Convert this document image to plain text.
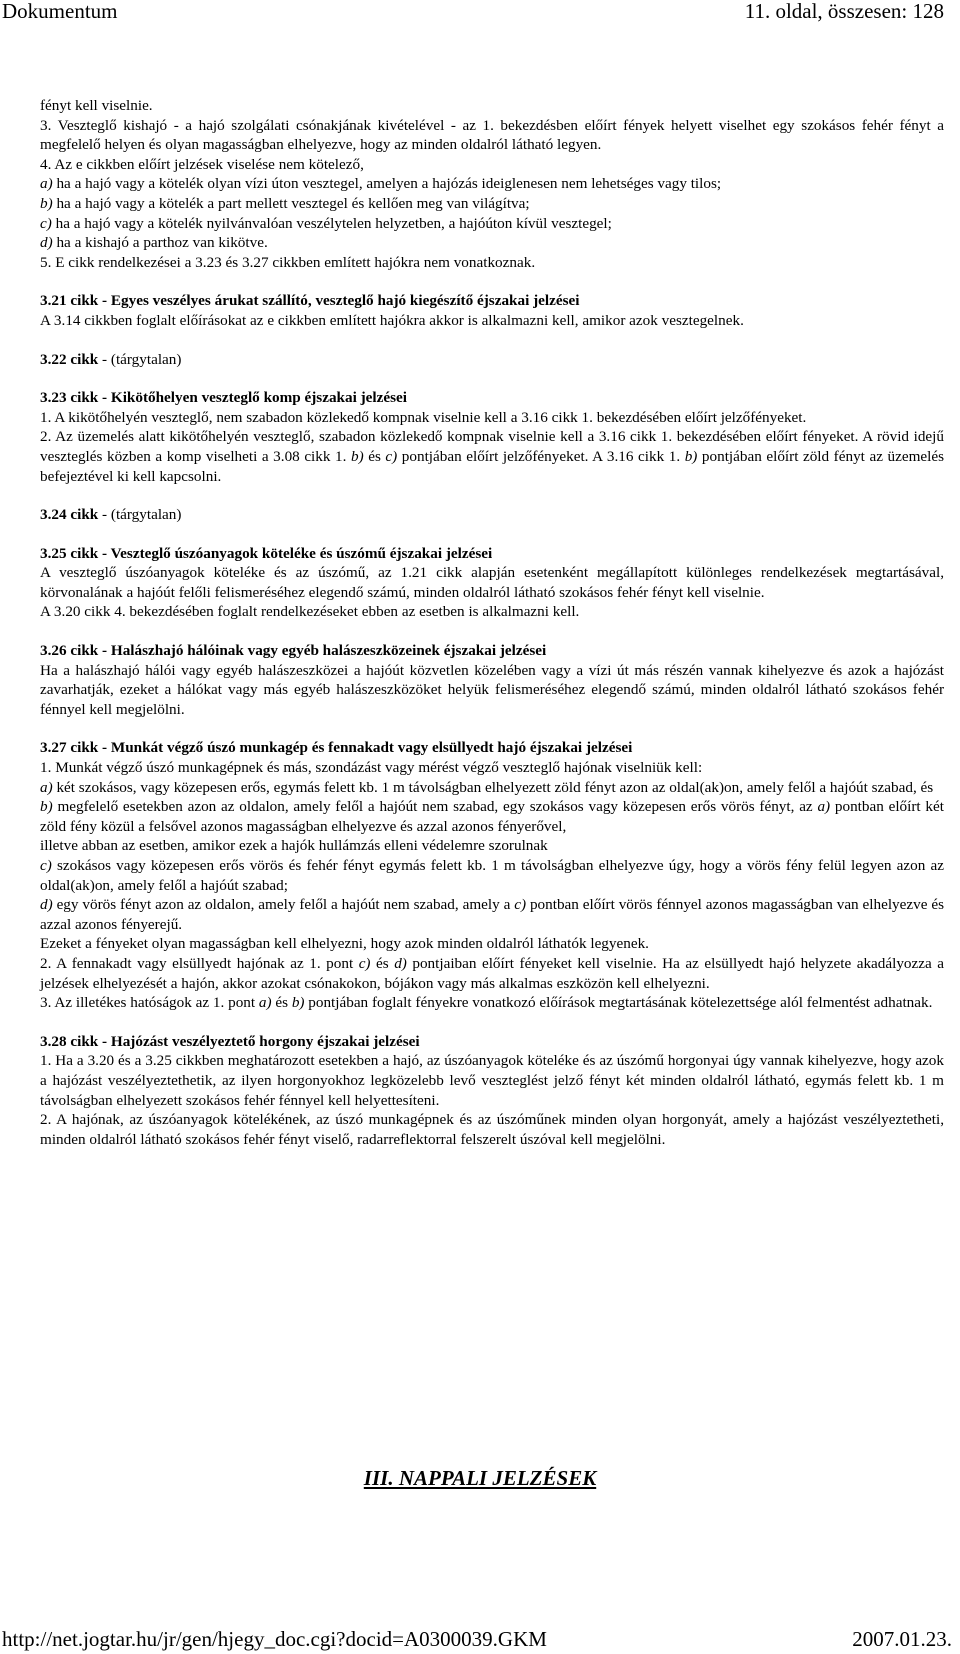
Dokumentum	11. oldal, összesen: 128

fényt kell viselnie.

3. Veszteglő kishajó - a hajó szolgálati csónakjának kivételével - az 1. bekezdésben előírt fények helyett viselhet egy szokásos fehér fényt a megfelelő helyen és olyan magasságban elhelyezve, hogy az minden oldalról látható legyen.

4. Az e cikkben előírt jelzések viselése nem kötelező,

a) ha a hajó vagy a kötelék olyan vízi úton vesztegel, amelyen a hajózás ideiglenesen nem lehetséges vagy tilos;

b) ha a hajó vagy a kötelék a part mellett vesztegel és kellően meg van világítva;

c) ha a hajó vagy a kötelék nyilvánvalóan veszélytelen helyzetben, a hajóúton kívül vesztegel;

d) ha a kishajó a parthoz van kikötve.

5. E cikk rendelkezései a 3.23 és 3.27 cikkben említett hajókra nem vonatkoznak.

3.21 cikk - Egyes veszélyes árukat szállító, veszteglő hajó kiegészítő éjszakai jelzései

A 3.14 cikkben foglalt előírásokat az e cikkben említett hajókra akkor is alkalmazni kell, amikor azok vesztegelnek.

3.22 cikk - (tárgytalan)

3.23 cikk - Kikötőhelyen veszteglő komp éjszakai jelzései

1. A kikötőhelyén veszteglő, nem szabadon közlekedő kompnak viselnie kell a 3.16 cikk 1. bekezdésében előírt jelzőfényeket.

2. Az üzemelés alatt kikötőhelyén veszteglő, szabadon közlekedő kompnak viselnie kell a 3.16 cikk 1. bekezdésében előírt fényeket. A rövid idejű veszteglés közben a komp viselheti a 3.08 cikk 1. b) és c) pontjában előírt jelzőfényeket. A 3.16 cikk 1. b) pontjában előírt zöld fényt az üzemelés befejeztével ki kell kapcsolni.

3.24 cikk - (tárgytalan)

3.25 cikk - Veszteglő úszóanyagok köteléke és úszómű éjszakai jelzései

A veszteglő úszóanyagok köteléke és az úszómű, az 1.21 cikk alapján esetenként megállapított különleges rendelkezések megtartásával, körvonalának a hajóút felőli felismeréséhez elegendő számú, minden oldalról látható szokásos fehér fényt kell viselnie.

A 3.20 cikk 4. bekezdésében foglalt rendelkezéseket ebben az esetben is alkalmazni kell.

3.26 cikk - Halászhajó hálóinak vagy egyéb halászeszközeinek éjszakai jelzései

Ha a halászhajó hálói vagy egyéb halászeszközei a hajóút közvetlen közelében vagy a vízi út más részén vannak kihelyezve és azok a hajózást zavarhatják, ezeket a hálókat vagy más egyéb halászeszközöket helyük felismeréséhez elegendő számú, minden oldalról látható szokásos fehér fénnyel kell megjelölni.

3.27 cikk - Munkát végző úszó munkagép és fennakadt vagy elsüllyedt hajó éjszakai jelzései

1. Munkát végző úszó munkagépnek és más, szondázást vagy mérést végző veszteglő hajónak viselniük kell:

a) két szokásos, vagy közepesen erős, egymás felett kb. 1 m távolságban elhelyezett zöld fényt azon az oldal(ak)on, amely felől a hajóút szabad, és

b) megfelelő esetekben azon az oldalon, amely felől a hajóút nem szabad, egy szokásos vagy közepesen erős vörös fényt, az a) pontban előírt két zöld fény közül a felsővel azonos magasságban elhelyezve és azzal azonos fényerővel,

illetve abban az esetben, amikor ezek a hajók hullámzás elleni védelemre szorulnak

c) szokásos vagy közepesen erős vörös és fehér fényt egymás felett kb. 1 m távolságban elhelyezve úgy, hogy a vörös fény felül legyen azon az oldal(ak)on, amely felől a hajóút szabad;

d) egy vörös fényt azon az oldalon, amely felől a hajóút nem szabad, amely a c) pontban előírt vörös fénnyel azonos magasságban van elhelyezve és azzal azonos fényerejű.

Ezeket a fényeket olyan magasságban kell elhelyezni, hogy azok minden oldalról láthatók legyenek.

2. A fennakadt vagy elsüllyedt hajónak az 1. pont c) és d) pontjaiban előírt fényeket kell viselnie. Ha az elsüllyedt hajó helyzete akadályozza a jelzések elhelyezését a hajón, akkor azokat csónakokon, bójákon vagy más alkalmas eszközön kell elhelyezni.

3. Az illetékes hatóságok az 1. pont a) és b) pontjában foglalt fényekre vonatkozó előírások megtartásának kötelezettsége alól felmentést adhatnak.

3.28 cikk - Hajózást veszélyeztető horgony éjszakai jelzései

1. Ha a 3.20 és a 3.25 cikkben meghatározott esetekben a hajó, az úszóanyagok köteléke és az úszómű horgonyai úgy vannak kihelyezve, hogy azok a hajózást veszélyeztethetik, az ilyen horgonyokhoz legközelebb levő veszteglést jelző fényt két minden oldalról látható, egymás felett kb. 1 m távolságban elhelyezett szokásos fehér fénnyel kell helyettesíteni.

2. A hajónak, az úszóanyagok kötelékének, az úszó munkagépnek és az úszóműnek minden olyan horgonyát, amely a hajózást veszélyeztetheti, minden oldalról látható szokásos fehér fényt viselő, radarreflektorral felszerelt úszóval kell megjelölni.

III. NAPPALI JELZÉSEK
http://net.jogtar.hu/jr/gen/hjegy_doc.cgi?docid=A0300039.GKM	2007.01.23.
